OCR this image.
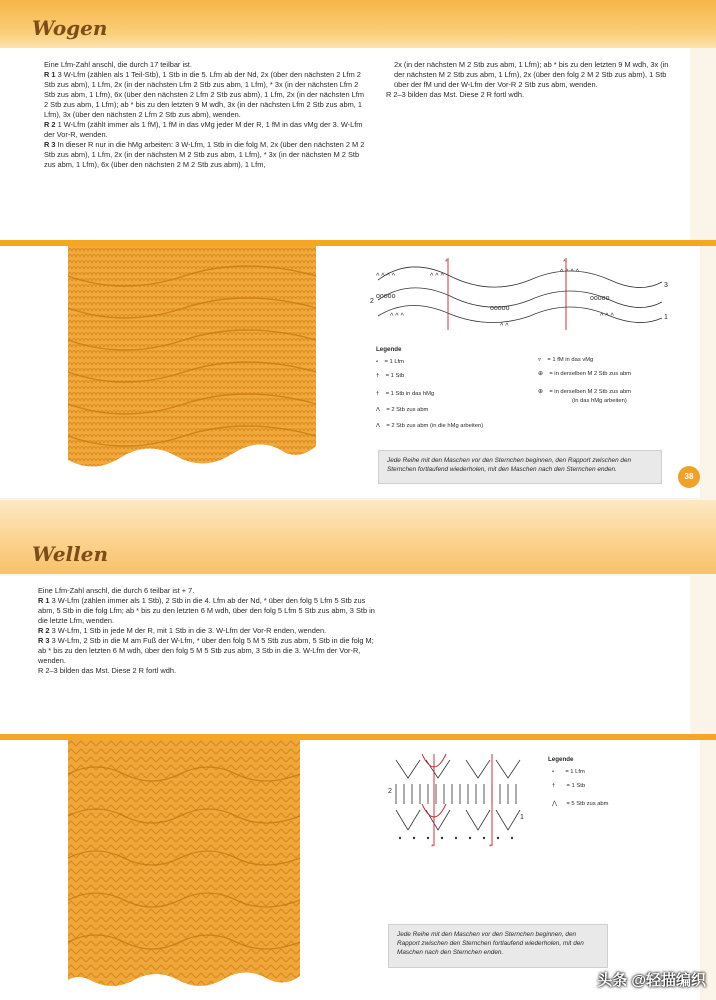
Wogen

Eine Lfm-Zahl anschl, die durch 17 teilbar ist.

R 1 3 W-Lfm (zählen als 1 Teil-Stb), 1 Stb in die 5. Lfm ab der Nd, 2x (über den nächsten 2 Lfm 2 Stb zus abm), 1 Lfm, 2x (in der nächsten Lfm 2 Stb zus abm, 1 Lfm), * 3x (in der nächsten Lfm 2 Stb zus abm, 1 Lfm), 6x (über den nächsten 2 Lfm 2 Stb zus abm), 1 Lfm, 2x (in der nächsten Lfm 2 Stb zus abm, 1 Lfm); ab * bis zu den letzten 9 M wdh, 3x (in der nächsten Lfm 2 Stb zus abm, 1 Lfm), 3x (über den nächsten 2 Lfm 2 Stb zus abm), wenden.

R 2 1 W-Lfm (zählt immer als 1 fM), 1 fM in das vMg jeder M der R, 1 fM in das vMg der 3. W-Lfm der Vor-R, wenden.

R 3 In dieser R nur in die hMg arbeiten: 3 W-Lfm, 1 Stb in die folg M, 2x (über den nächsten 2 M 2 Stb zus abm), 1 Lfm, 2x (in der nächsten M 2 Stb zus abm, 1 Lfm), * 3x (in der nächsten M 2 Stb zus abm, 1 Lfm), 6x (über den nächsten 2 M 2 Stb zus abm), 1 Lfm,

2x (in der nächsten M 2 Stb zus abm, 1 Lfm); ab * bis zu den letzten 9 M wdh, 3x (in der nächsten M 2 Stb zus abm, 1 Lfm), 2x (über den folg 2 M 2 Stb zus abm), 1 Stb über der fM und der W-Lfm der Vor-R 2 Stb zus abm, wenden.

R 2–3 bilden das Mst. Diese 2 R fortl wdh.

^ ^ ^ ^	^ ^ ^
^ ^ ^ ^
ooooo
ooooo
ooooo
^ ^ ^
^ ^
^ ^ ^
*	*
3
2
1
Legende
• = 1 Lfm
† = 1 Stb
† = 1 Stb in das hMg
Λ = 2 Stb zus abm
Λ = 2 Stb zus abm (in die hMg arbeiten)
▿ = 1 fM in das vMg
⊕ = in derselben M 2 Stb zus abm
⊕ = in derselben M 2 Stb zus abm
(in das hMg arbeiten)
Jede Reihe mit den Maschen vor den Sternchen beginnen, den Rapport zwischen den Sternchen fortlaufend wiederholen, mit den Maschen nach den Sternchen enden.
38
Wellen

Eine Lfm-Zahl anschl, die durch 6 teilbar ist + 7.

R 1 3 W-Lfm (zählen immer als 1 Stb), 2 Stb in die 4. Lfm ab der Nd, * über den folg 5 Lfm 5 Stb zus abm, 5 Stb in die folg Lfm; ab * bis zu den letzten 6 M wdh, über den folg 5 Lfm 5 Stb zus abm, 3 Stb in die letzte Lfm, wenden.

R 2 3 W-Lfm, 1 Stb in jede M der R, mit 1 Stb in die 3. W-Lfm der Vor-R enden, wenden.

R 3 3 W-Lfm, 2 Stb in die M am Fuß der W-Lfm, * über den folg 5 M 5 Stb zus abm, 5 Stb in die folg M; ab * bis zu den letzten 6 M wdh, über den folg 5 M 5 Stb zus abm, 3 Stb in die 3. W-Lfm der Vor-R, wenden.

R 2–3 bilden das Mst. Diese 2 R fortl wdh.

*	*
2
1
Legende
• = 1 Lfm
† = 1 Stb
⋀ = 5 Stb zus abm
Jede Reihe mit den Maschen vor den Sternchen beginnen, den Rapport zwischen den Sternchen fortlaufend wiederholen, mit den Maschen nach den Sternchen enden.
头条 @轻描编织
